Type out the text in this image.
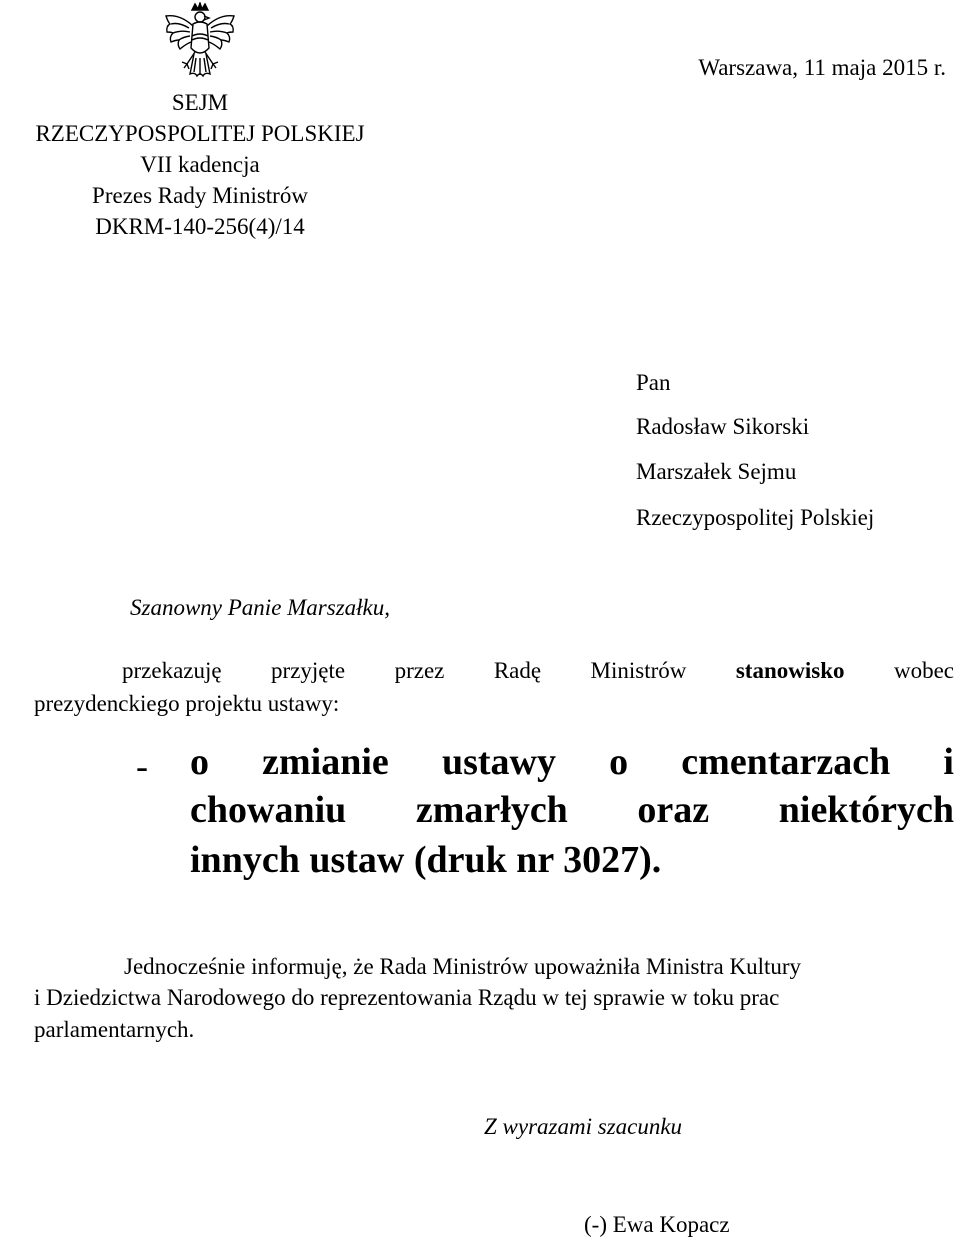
SEJM
RZECZYPOSPOLITEJ POLSKIEJ
VII kadencja
Prezes Rady Ministrów
DKRM-140-256(4)/14
Warszawa, 11 maja 2015 r.
Pan
Radosław Sikorski
Marszałek Sejmu
Rzeczypospolitej Polskiej
Szanowny Panie Marszałku,
przekazuję przyjęte przez Radę Ministrów stanowisko wobec
prezydenckiego projektu ustawy:
- o zmianie ustawy o cmentarzach i
chowaniu zmarłych oraz niektórych
innych ustaw (druk nr 3027).
Jednocześnie informuję, że Rada Ministrów upoważniła Ministra Kultury
i Dziedzictwa Narodowego do reprezentowania Rządu w tej sprawie w toku prac
parlamentarnych.
Z wyrazami szacunku
(-) Ewa Kopacz
